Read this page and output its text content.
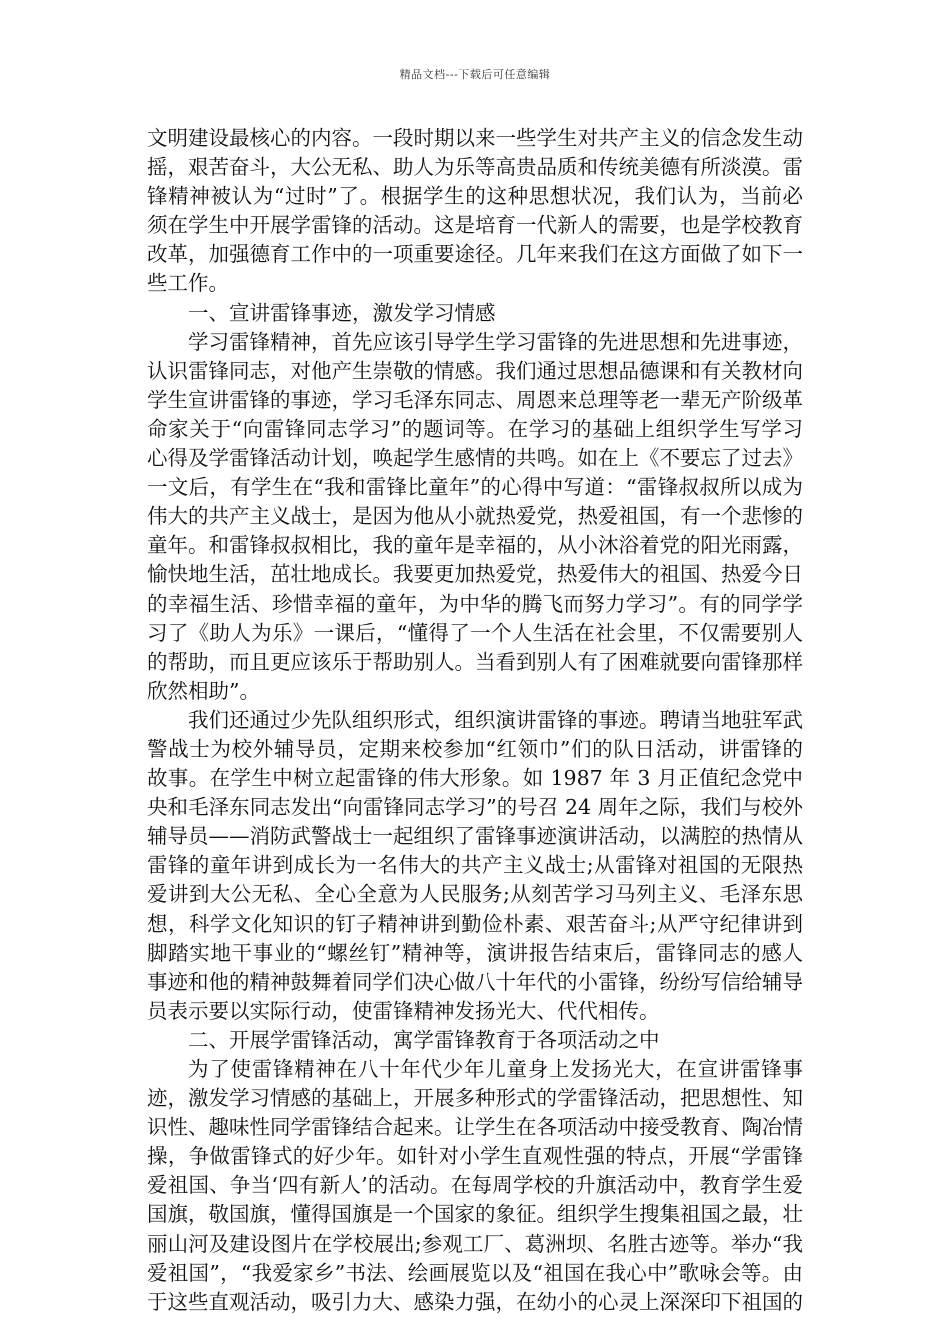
精品文档---下载后可任意编辑

文明建设最核心的内容。一段时期以来一些学生对共产主义的信念发生动摇，艰苦奋斗，大公无私、助人为乐等高贵品质和传统美德有所淡漠。雷锋精神被认为“过时”了。根据学生的这种思想状况，我们认为，当前必须在学生中开展学雷锋的活动。这是培育一代新人的需要，也是学校教育改革，加强德育工作中的一项重要途径。几年来我们在这方面做了如下一些工作。

一、宣讲雷锋事迹，激发学习情感

学习雷锋精神，首先应该引导学生学习雷锋的先进思想和先进事迹，认识雷锋同志，对他产生崇敬的情感。我们通过思想品德课和有关教材向学生宣讲雷锋的事迹，学习毛泽东同志、周恩来总理等老一辈无产阶级革命家关于“向雷锋同志学习”的题词等。在学习的基础上组织学生写学习心得及学雷锋活动计划，唤起学生感情的共鸣。如在上《不要忘了过去》一文后，有学生在“我和雷锋比童年”的心得中写道：“雷锋叔叔所以成为伟大的共产主义战士，是因为他从小就热爱党，热爱祖国，有一个悲惨的童年。和雷锋叔叔相比，我的童年是幸福的，从小沐浴着党的阳光雨露，愉快地生活，茁壮地成长。我要更加热爱党，热爱伟大的祖国、热爱今日的幸福生活、珍惜幸福的童年，为中华的腾飞而努力学习”。有的同学学习了《助人为乐》一课后，“懂得了一个人生活在社会里，不仅需要别人的帮助，而且更应该乐于帮助别人。当看到别人有了困难就要向雷锋那样欣然相助”。

我们还通过少先队组织形式，组织演讲雷锋的事迹。聘请当地驻军武警战士为校外辅导员，定期来校参加“红领巾”们的队日活动，讲雷锋的故事。在学生中树立起雷锋的伟大形象。如 1987 年 3 月正值纪念党中央和毛泽东同志发出“向雷锋同志学习”的号召 24 周年之际，我们与校外辅导员——消防武警战士一起组织了雷锋事迹演讲活动，以满腔的热情从雷锋的童年讲到成长为一名伟大的共产主义战士;从雷锋对祖国的无限热爱讲到大公无私、全心全意为人民服务;从刻苦学习马列主义、毛泽东思想，科学文化知识的钉子精神讲到勤俭朴素、艰苦奋斗;从严守纪律讲到脚踏实地干事业的“螺丝钉”精神等，演讲报告结束后，雷锋同志的感人事迹和他的精神鼓舞着同学们决心做八十年代的小雷锋，纷纷写信给辅导员表示要以实际行动，使雷锋精神发扬光大、代代相传。

二、开展学雷锋活动，寓学雷锋教育于各项活动之中

为了使雷锋精神在八十年代少年儿童身上发扬光大，在宣讲雷锋事迹，激发学习情感的基础上，开展多种形式的学雷锋活动，把思想性、知识性、趣味性同学雷锋结合起来。让学生在各项活动中接受教育、陶冶情操，争做雷锋式的好少年。如针对小学生直观性强的特点，开展“学雷锋爱祖国、争当‘四有新人’的活动。在每周学校的升旗活动中，教育学生爱国旗，敬国旗，懂得国旗是一个国家的象征。组织学生搜集祖国之最，壮丽山河及建设图片在学校展出;参观工厂、葛洲坝、名胜古迹等。举办“我爱祖国”，“我爱家乡”书法、绘画展览以及“祖国在我心中”歌咏会等。由于这些直观活动，吸引力大、感染力强，在幼小的心灵上深深印下祖国的
